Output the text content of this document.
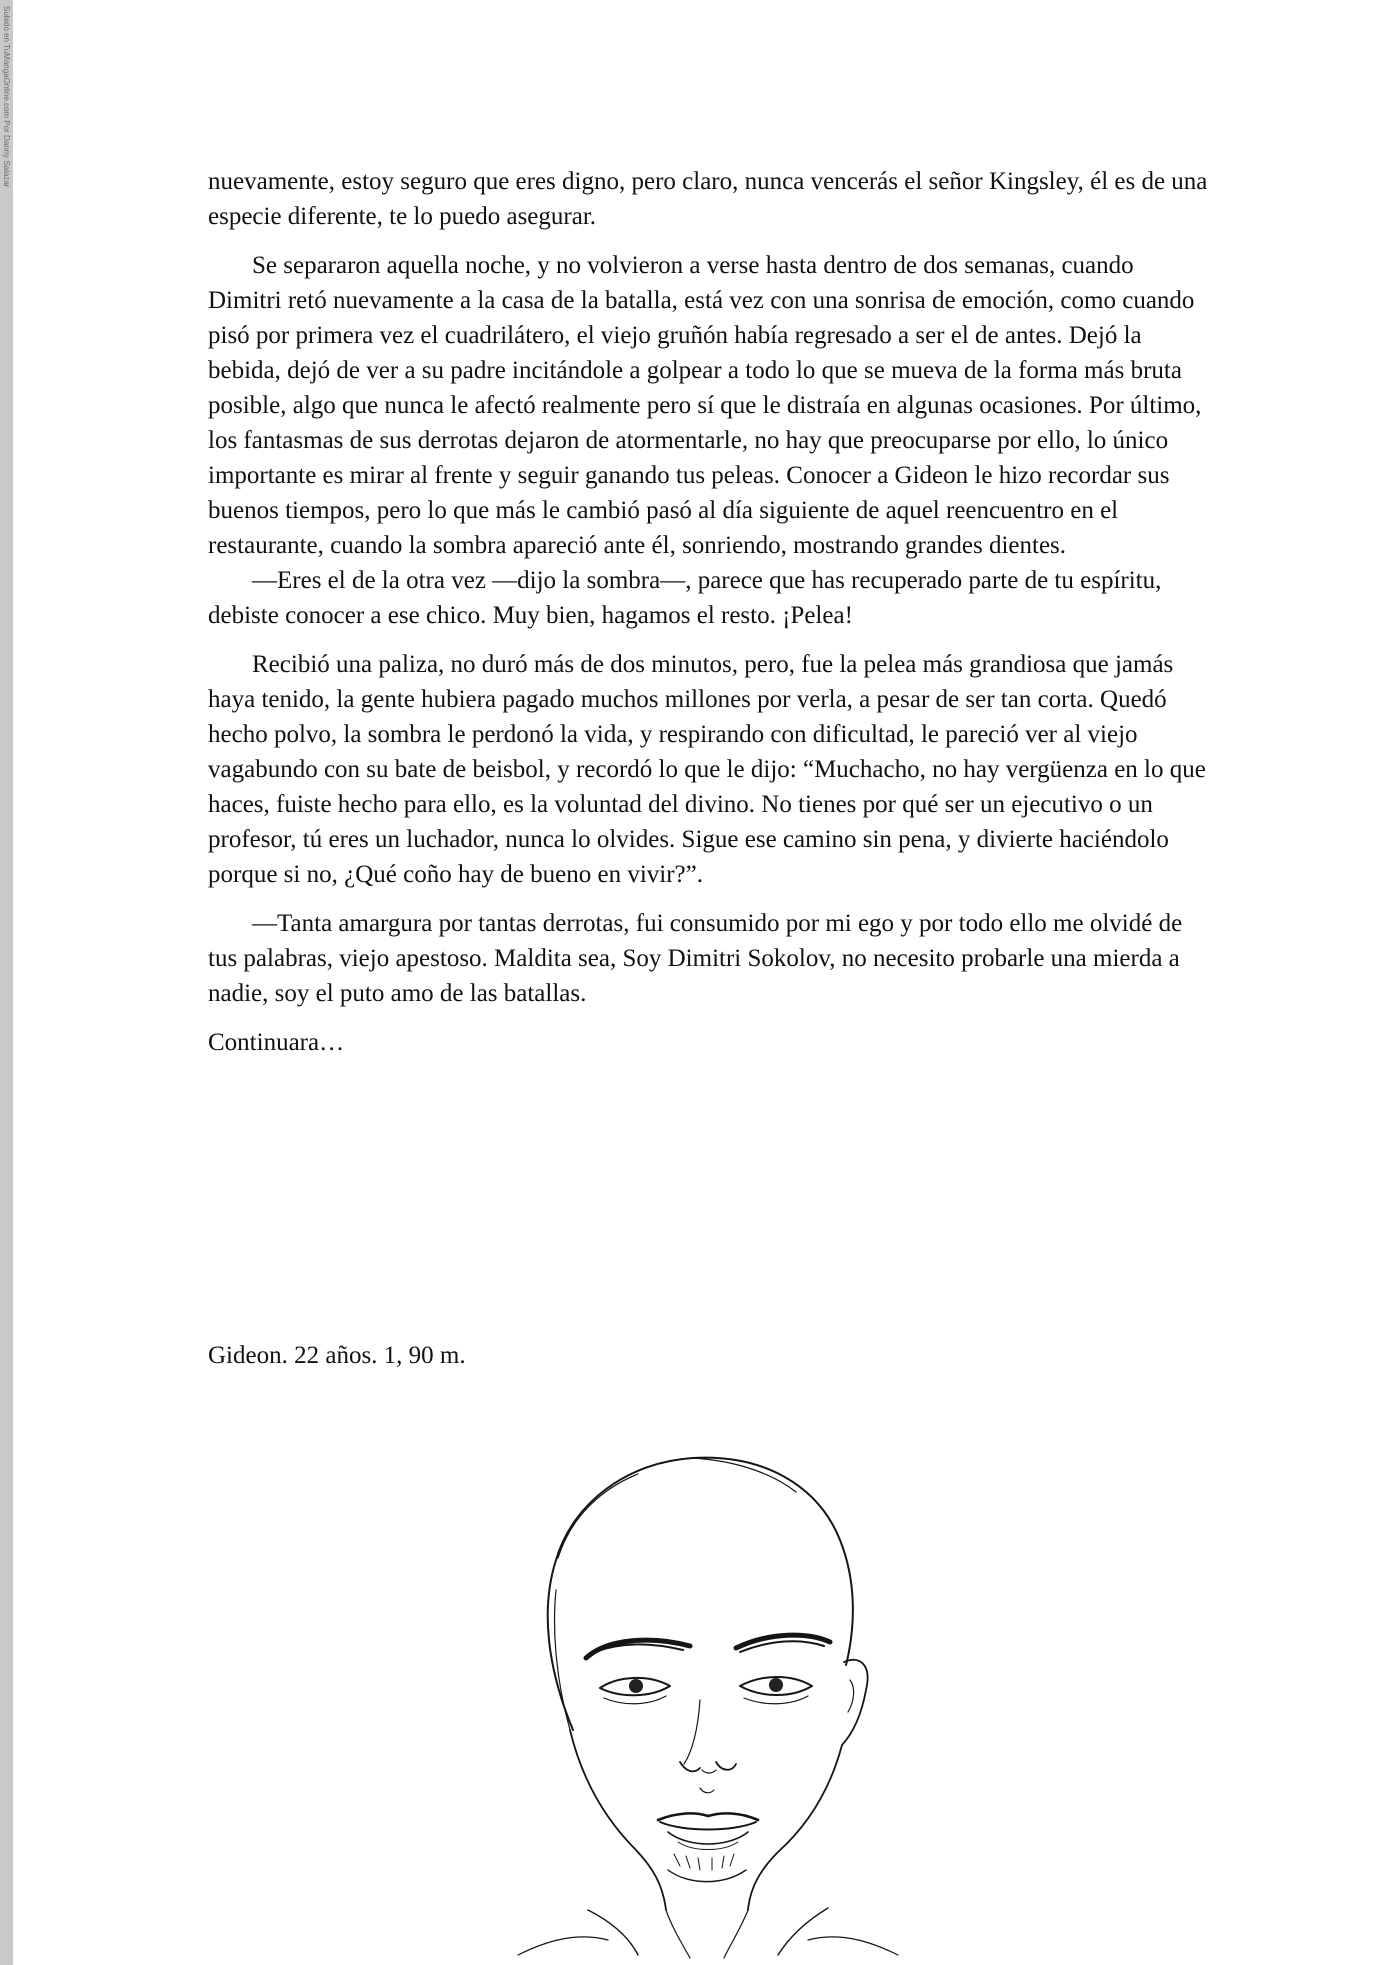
Subido en TuMangaOnline.com Por Danny Salazar	nuevamente, estoy seguro que eres digno, pero claro, nunca vencerás el señor Kingsley, él es de una especie diferente, te lo puedo asegurar.

Se separaron aquella noche, y no volvieron a verse hasta dentro de dos semanas, cuando Dimitri retó nuevamente a la casa de la batalla, está vez con una sonrisa de emoción, como cuando pisó por primera vez el cuadrilátero, el viejo gruñón había regresado a ser el de antes. Dejó la bebida, dejó de ver a su padre incitándole a golpear a todo lo que se mueva de la forma más bruta posible, algo que nunca le afectó realmente pero sí que le distraía en algunas ocasiones. Por último, los fantasmas de sus derrotas dejaron de atormentarle, no hay que preocuparse por ello, lo único importante es mirar al frente y seguir ganando tus peleas. Conocer a Gideon le hizo recordar sus buenos tiempos, pero lo que más le cambió pasó al día siguiente de aquel reencuentro en el restaurante, cuando la sombra apareció ante él, sonriendo, mostrando grandes dientes.

—Eres el de la otra vez —dijo la sombra—, parece que has recuperado parte de tu espíritu, debiste conocer a ese chico. Muy bien, hagamos el resto. ¡Pelea!

Recibió una paliza, no duró más de dos minutos, pero, fue la pelea más grandiosa que jamás haya tenido, la gente hubiera pagado muchos millones por verla, a pesar de ser tan corta. Quedó hecho polvo, la sombra le perdonó la vida, y respirando con dificultad, le pareció ver al viejo vagabundo con su bate de beisbol, y recordó lo que le dijo: “Muchacho, no hay vergüenza en lo que haces, fuiste hecho para ello, es la voluntad del divino. No tienes por qué ser un ejecutivo o un profesor, tú eres un luchador, nunca lo olvides. Sigue ese camino sin pena, y divierte haciéndolo porque si no, ¿Qué coño hay de bueno en vivir?”.

—Tanta amargura por tantas derrotas, fui consumido por mi ego y por todo ello me olvidé de tus palabras, viejo apestoso. Maldita sea, Soy Dimitri Sokolov, no necesito probarle una mierda a nadie, soy el puto amo de las batallas.

Continuara…

Gideon. 22 años. 1, 90 m.
